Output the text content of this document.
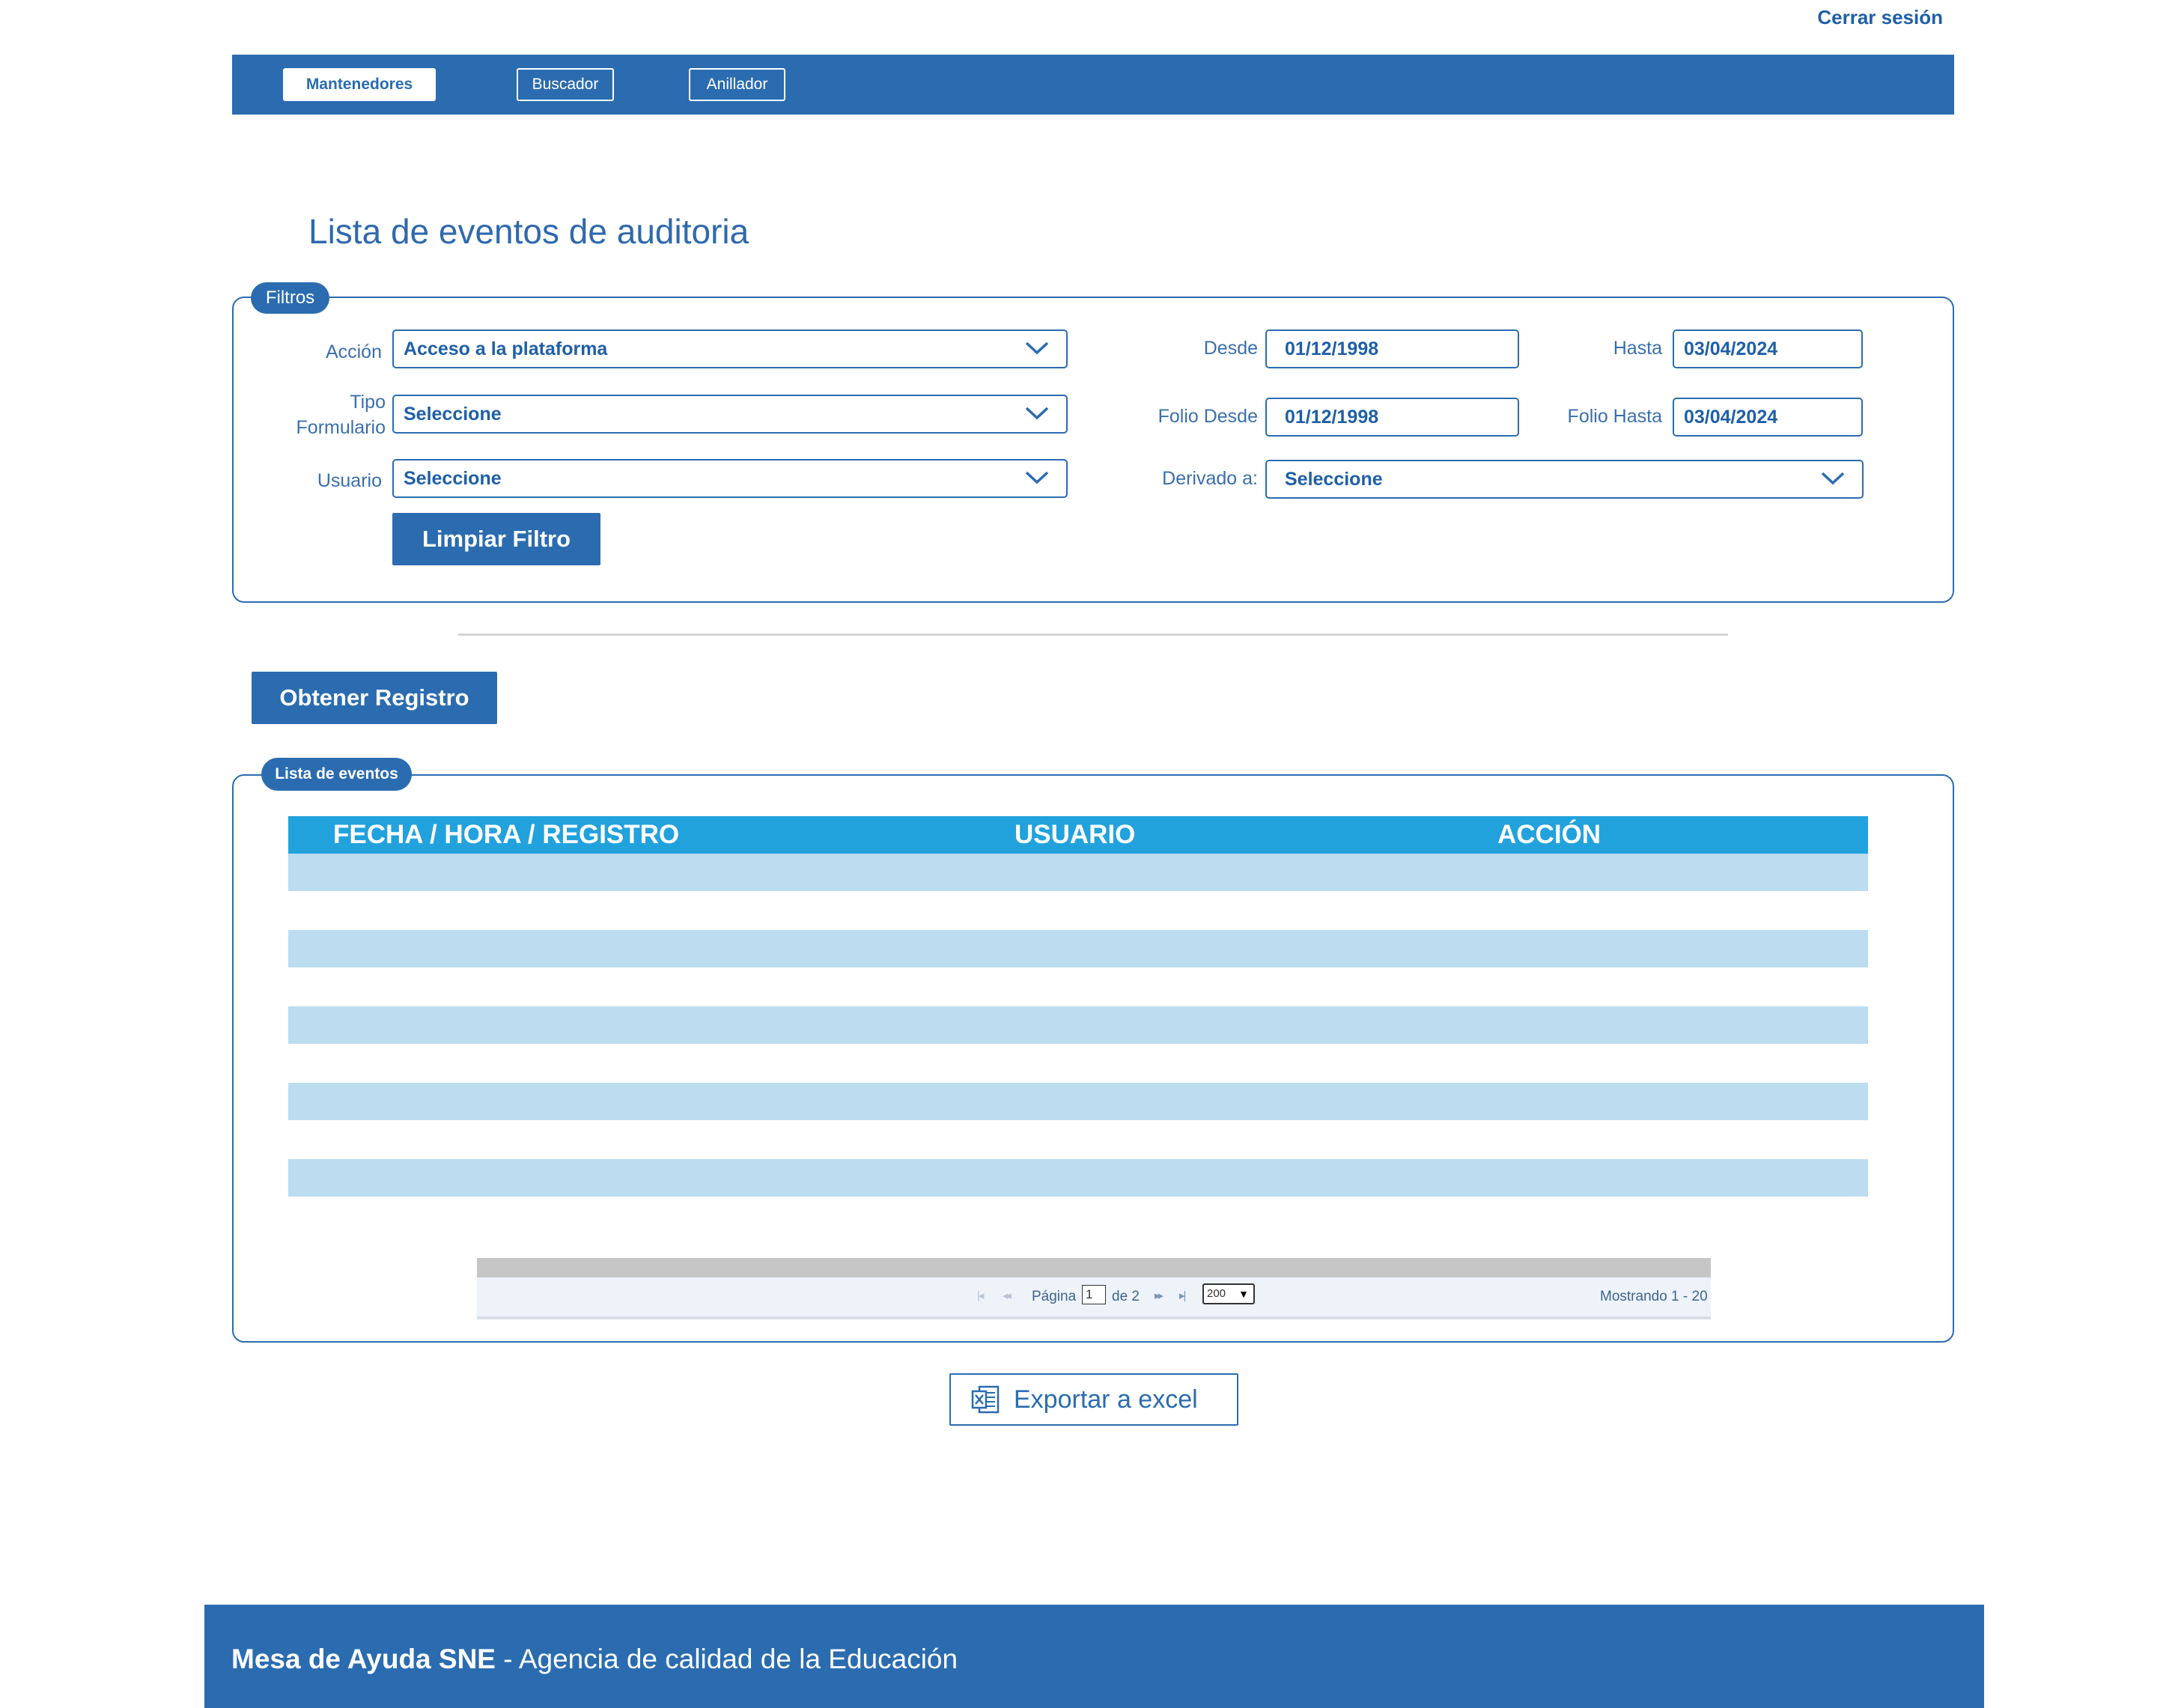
Cerrar sesión
Mantenedores	Buscador	Anillador
Lista de eventos de auditoria
Filtros
Acción Acceso a la plataforma
Tipo
Formulario
Seleccione
Usuario Seleccione
Limpiar Filtro
Desde	01/12/1998	Hasta	03/04/2024
Folio Desde	01/12/1998	Folio Hasta	03/04/2024
Derivado a: Seleccione
Obtener Registro
Lista de eventos
FECHA / HORA / REGISTRO	USUARIO	ACCIÓN
|◂ ◂◂ Página 1	de 2 ▸▸ ▸|	200 ▼	Mostrando 1 - 20
Exportar a excel
Mesa de Ayuda SNE - Agencia de calidad de la Educación
